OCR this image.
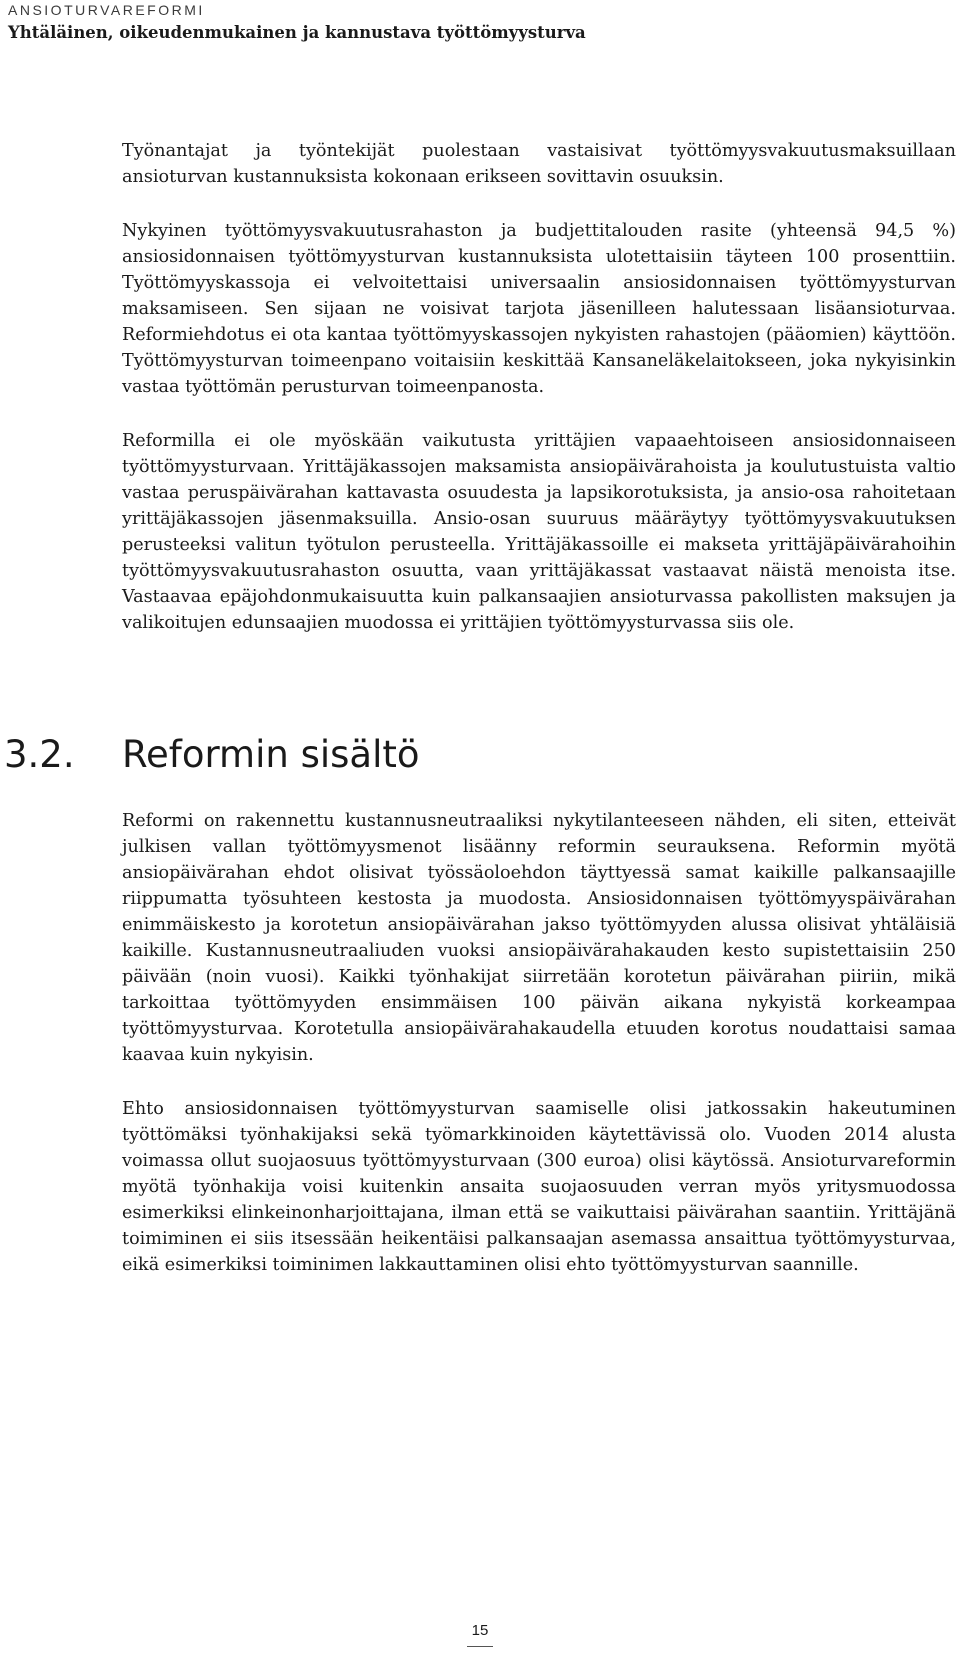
ANSIOTURVAREFORMI
Yhtäläinen, oikeudenmukainen ja kannustava työttömyysturva

Työnantajat ja työntekijät puolestaan vastaisivat työttömyysvakuutusmaksuillaan ansioturvan kustannuksista kokonaan erikseen sovittavin osuuksin.

Nykyinen työttömyysvakuutusrahaston ja budjettitalouden rasite (yhteensä 94,5 %) ansiosidonnaisen työttömyysturvan kustannuksista ulotettaisiin täyteen 100 prosenttiin. Työttömyyskassoja ei velvoitettaisi universaalin ansiosidonnaisen työttömyysturvan maksamiseen. Sen sijaan ne voisivat tarjota jäsenilleen halutessaan lisäansioturvaa. Reformiehdotus ei ota kantaa työttömyyskassojen nykyisten rahastojen (pääomien) käyttöön. Työttömyysturvan toimeenpano voitaisiin keskittää Kansaneläkelaitokseen, joka nykyisinkin vastaa työttömän perusturvan toimeenpanosta.

Reformilla ei ole myöskään vaikutusta yrittäjien vapaaehtoiseen ansiosidonnaiseen työttömyysturvaan. Yrittäjäkassojen maksamista ansiopäivärahoista ja koulutustuista valtio vastaa peruspäivärahan kattavasta osuudesta ja lapsikorotuksista, ja ansio-osa rahoitetaan yrittäjäkassojen jäsenmaksuilla. Ansio-osan suuruus määräytyy työttömyysvakuutuksen perusteeksi valitun työtulon perusteella. Yrittäjäkassoille ei makseta yrittäjäpäivärahoihin työttömyysvakuutusrahaston osuutta, vaan yrittäjäkassat vastaavat näistä menoista itse. Vastaavaa epäjohdonmukaisuutta kuin palkansaajien ansioturvassa pakollisten maksujen ja valikoitujen edunsaajien muodossa ei yrittäjien työttömyysturvassa siis ole.

3.2. Reformin sisältö

Reformi on rakennettu kustannusneutraaliksi nykytilanteeseen nähden, eli siten, etteivät julkisen vallan työttömyysmenot lisäänny reformin seurauksena. Reformin myötä ansiopäivärahan ehdot olisivat työssäoloehdon täyttyessä samat kaikille palkansaajille riippumatta työsuhteen kestosta ja muodosta. Ansiosidonnaisen työttömyyspäivärahan enimmäiskesto ja korotetun ansiopäivärahan jakso työttömyyden alussa olisivat yhtäläisiä kaikille. Kustannusneutraaliuden vuoksi ansiopäivärahakauden kesto supistettaisiin 250 päivään (noin vuosi). Kaikki työnhakijat siirretään korotetun päivärahan piiriin, mikä tarkoittaa työttömyyden ensimmäisen 100 päivän aikana nykyistä korkeampaa työttömyysturvaa. Korotetulla ansiopäivärahakaudella etuuden korotus noudattaisi samaa kaavaa kuin nykyisin.

Ehto ansiosidonnaisen työttömyysturvan saamiselle olisi jatkossakin hakeutuminen työttömäksi työnhakijaksi sekä työmarkkinoiden käytettävissä olo. Vuoden 2014 alusta voimassa ollut suojaosuus työttömyysturvaan (300 euroa) olisi käytössä. Ansioturvareformin myötä työnhakija voisi kuitenkin ansaita suojaosuuden verran myös yritysmuodossa esimerkiksi elinkeinonharjoittajana, ilman että se vaikuttaisi päivärahan saantiin. Yrittäjänä toimiminen ei siis itsessään heikentäisi palkansaajan asemassa ansaittua työttömyysturvaa, eikä esimerkiksi toiminimen lakkauttaminen olisi ehto työttömyysturvan saannille.

15
